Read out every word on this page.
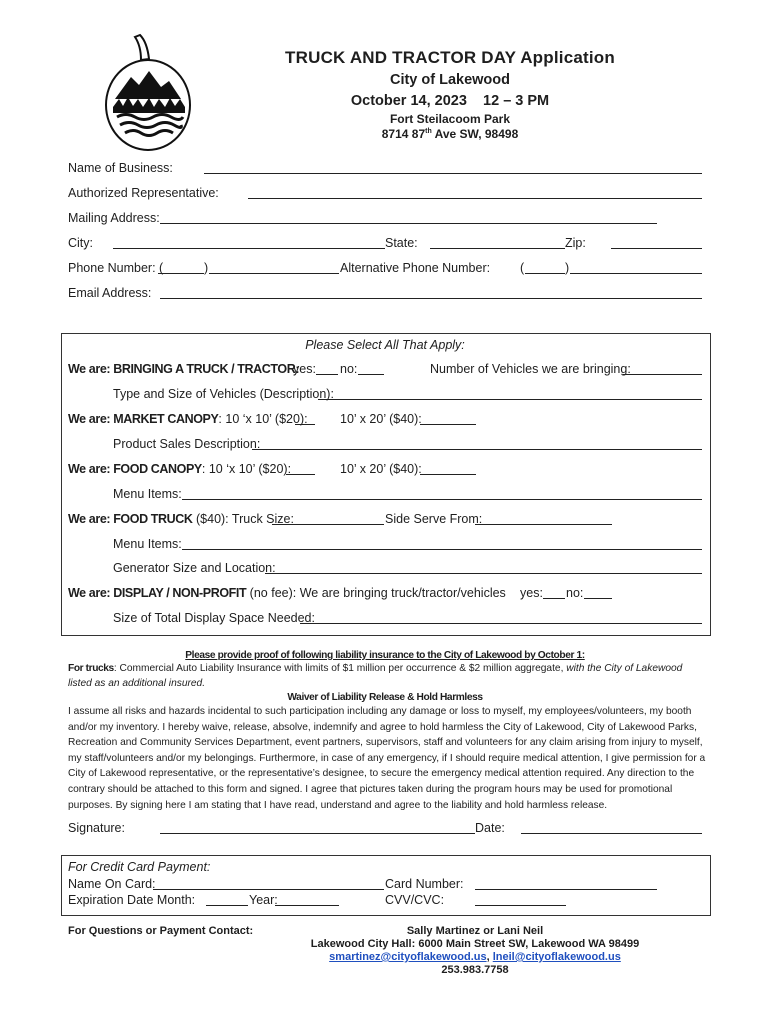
TRUCK AND TRACTOR DAY Application
City of Lakewood
October 14, 2023    12 – 3 PM
Fort Steilacoom Park
8714 87th Ave SW, 98498
Name of Business:
Authorized Representative:
Mailing Address:
City:	State:	Zip:
Phone Number: (	)	Alternative Phone Number: (	)
Email Address:
Please Select All That Apply:
We are: BRINGING A TRUCK / TRACTOR:
yes: no:	Number of Vehicles we are bringing:
Type and Size of Vehicles (Description):
We are: MARKET CANOPY: 10 ‘x 10’ ($20):	10’ x 20’ ($40):
Product Sales Description:
We are: FOOD CANOPY: 10 ‘x 10’ ($20):	10’ x 20’ ($40):
Menu Items:
We are: FOOD TRUCK ($40): Truck Size:	Side Serve From:
Menu Items:
Generator Size and Location:
We are: DISPLAY / NON-PROFIT (no fee): We are bringing truck/tractor/vehicles yes: no:
Size of Total Display Space Needed:
Please provide proof of following liability insurance to the City of Lakewood by October 1:
For trucks: Commercial Auto Liability Insurance with limits of $1 million per occurrence & $2 million aggregate, with the City of Lakewood
listed as an additional insured.
Waiver of Liability Release & Hold Harmless
I assume all risks and hazards incidental to such participation including any damage or loss to myself, my employees/volunteers, my booth and/or my inventory. I hereby waive, release, absolve, indemnify and agree to hold harmless the City of Lakewood, City of Lakewood Parks, Recreation and Community Services Department, event partners, supervisors, staff and volunteers for any claim arising from injury to myself, my staff/volunteers and/or my belongings. Furthermore, in case of any emergency, if I should require medical attention, I give permission for a City of Lakewood representative, or the representative’s designee, to secure the emergency medical attention required. Any direction to the contrary should be attached to this form and signed. I agree that pictures taken during the program hours may be used for promotional purposes. By signing here I am stating that I have read, understand and agree to the liability and hold harmless release.
Signature:	Date:
For Credit Card Payment:
Name On Card:	Card Number:
Expiration Date Month:	Year:	CVV/CVC:
For Questions or Payment Contact:	Sally Martinez or Lani Neil
Lakewood City Hall: 6000 Main Street SW, Lakewood WA 98499
smartinez@cityoflakewood.us, lneil@cityoflakewood.us
253.983.7758
